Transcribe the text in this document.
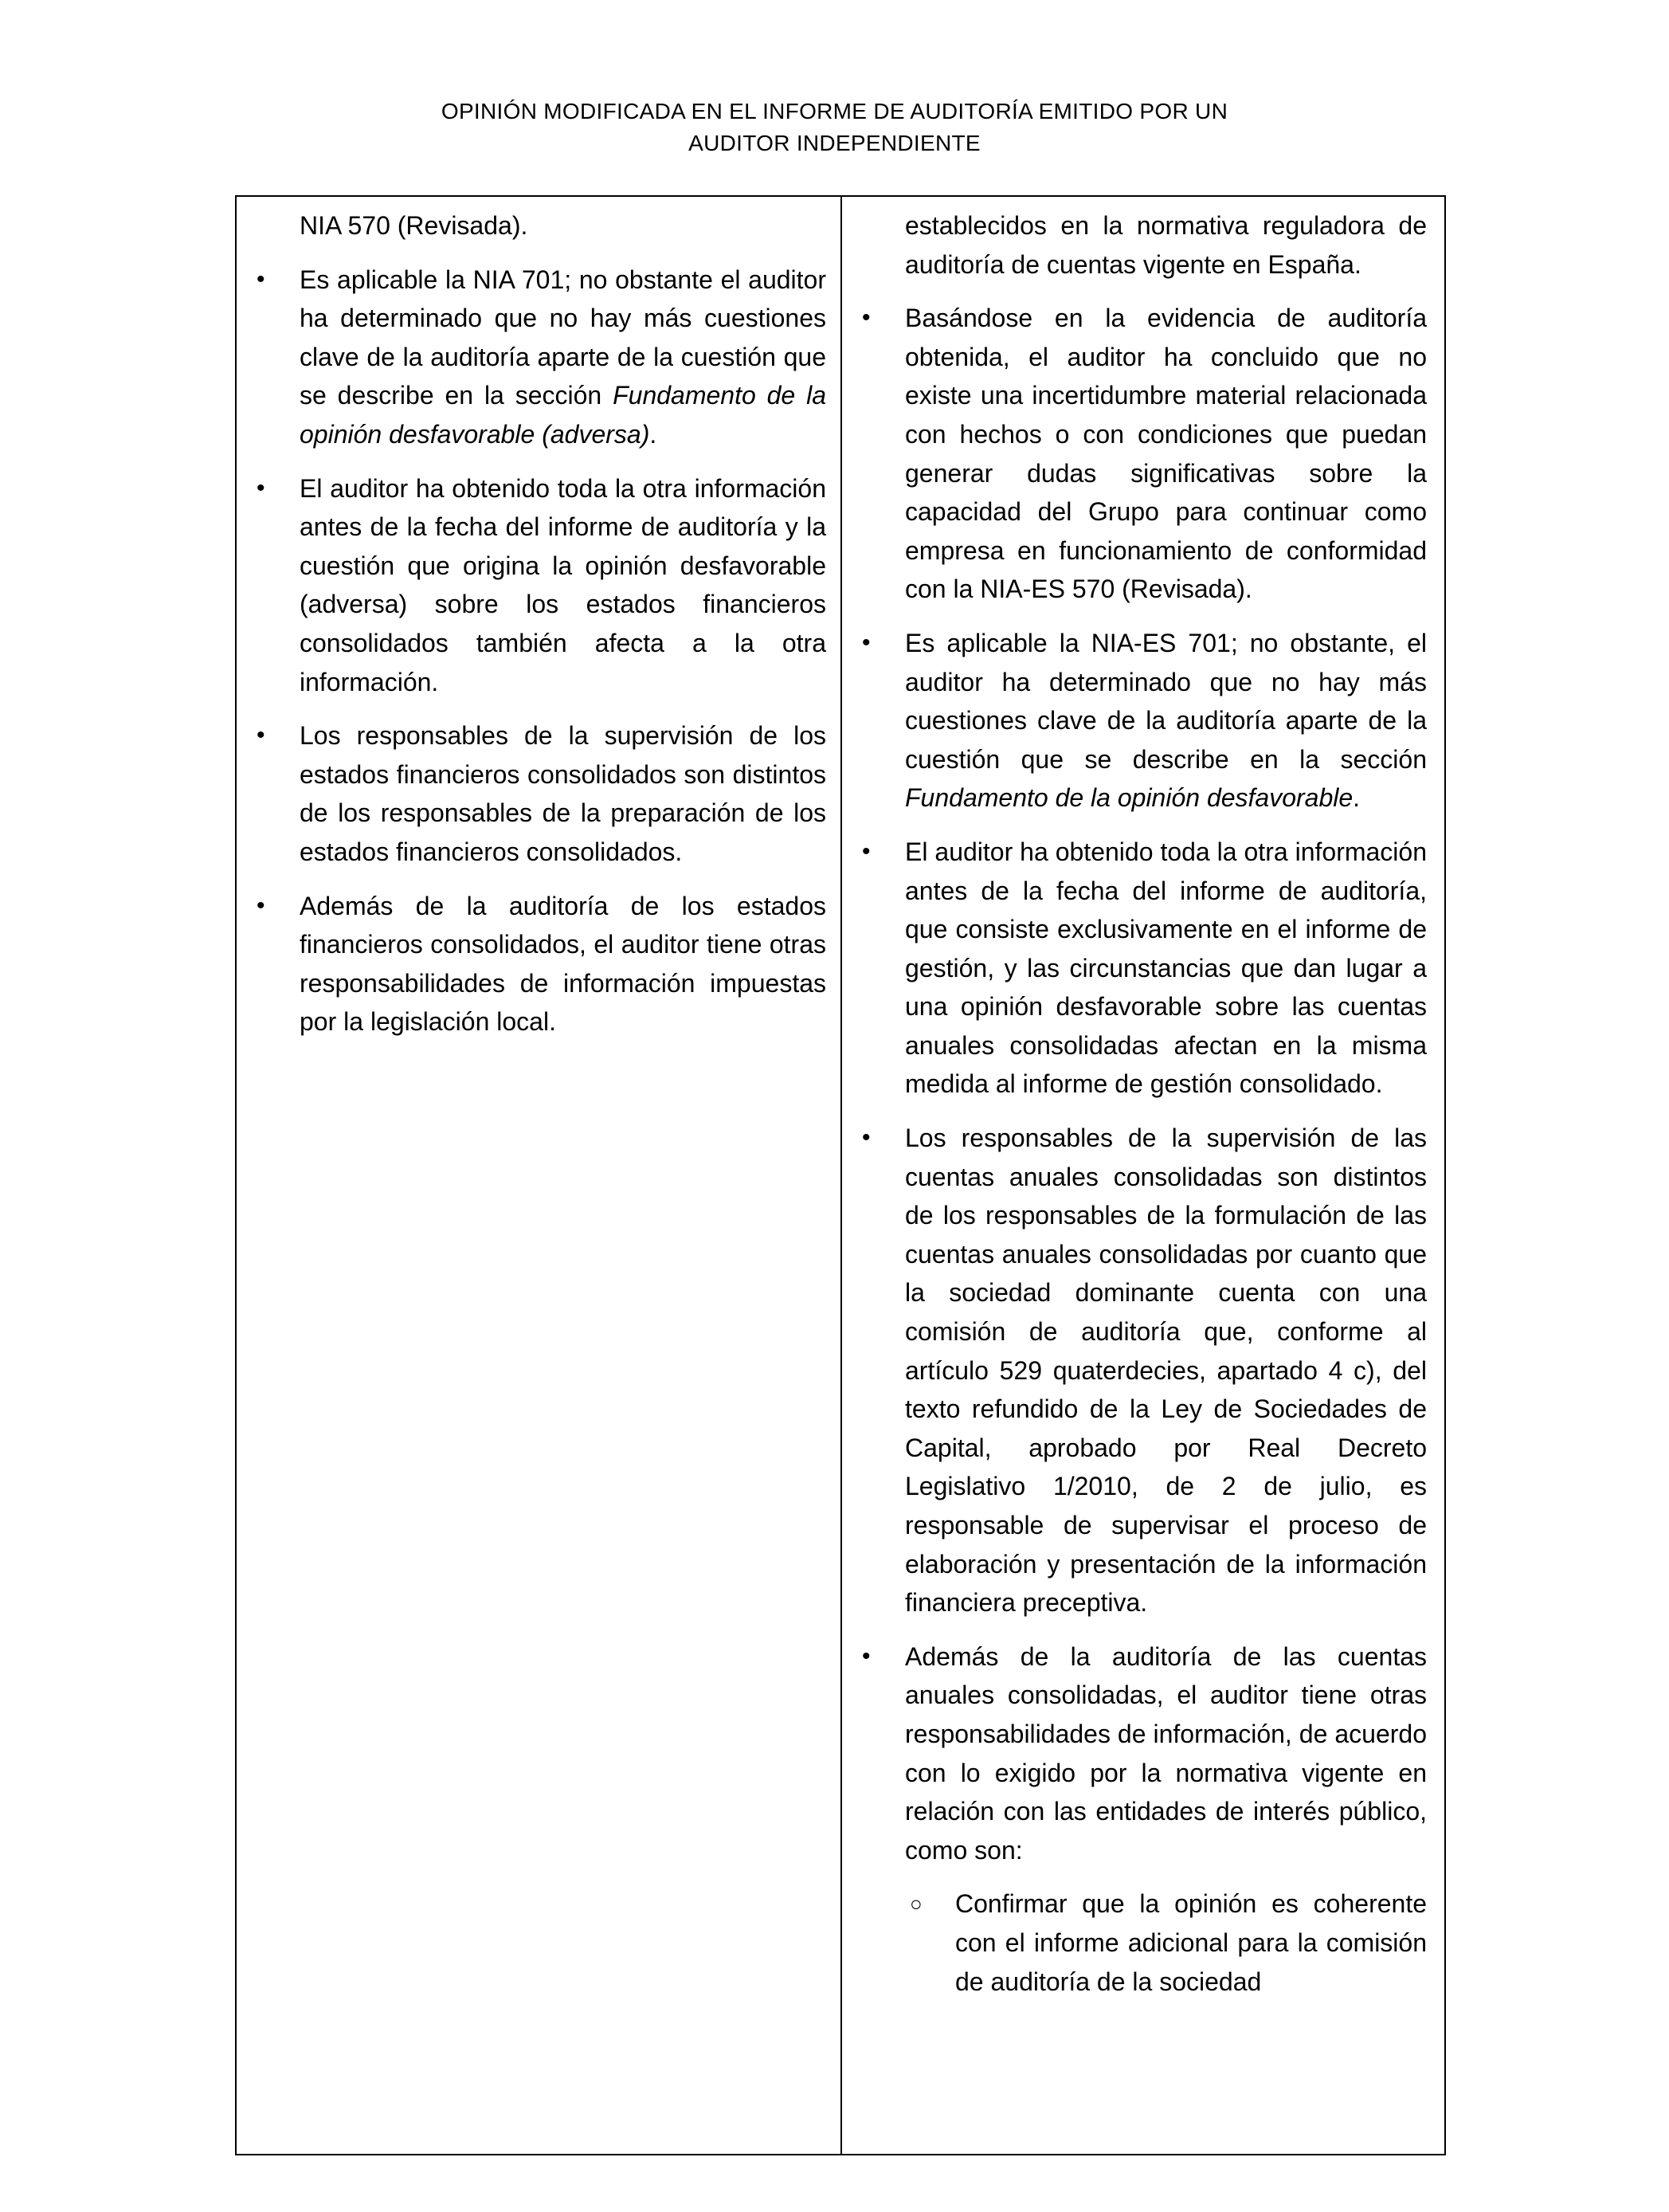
OPINIÓN MODIFICADA EN EL INFORME DE AUDITORÍA EMITIDO POR UN
AUDITOR INDEPENDIENTE

NIA 570 (Revisada).

• Es aplicable la NIA 701; no obstante el auditor ha determinado que no hay más cuestiones clave de la auditoría aparte de la cuestión que se describe en la sección Fundamento de la opinión desfavorable (adversa).
• El auditor ha obtenido toda la otra información antes de la fecha del informe de auditoría y la cuestión que origina la opinión desfavorable (adversa) sobre los estados financieros consolidados también afecta a la otra información.
• Los responsables de la supervisión de los estados financieros consolidados son distintos de los responsables de la preparación de los estados financieros consolidados.
• Además de la auditoría de los estados financieros consolidados, el auditor tiene otras responsabilidades de información impuestas por la legislación local.

establecidos en la normativa reguladora de auditoría de cuentas vigente en España.

• Basándose en la evidencia de auditoría obtenida, el auditor ha concluido que no existe una incertidumbre material relacionada con hechos o con condiciones que puedan generar dudas significativas sobre la capacidad del Grupo para continuar como empresa en funcionamiento de conformidad con la NIA-ES 570 (Revisada).
• Es aplicable la NIA-ES 701; no obstante, el auditor ha determinado que no hay más cuestiones clave de la auditoría aparte de la cuestión que se describe en la sección Fundamento de la opinión desfavorable.
• El auditor ha obtenido toda la otra información antes de la fecha del informe de auditoría, que consiste exclusivamente en el informe de gestión, y las circunstancias que dan lugar a una opinión desfavorable sobre las cuentas anuales consolidadas afectan en la misma medida al informe de gestión consolidado.
• Los responsables de la supervisión de las cuentas anuales consolidadas son distintos de los responsables de la formulación de las cuentas anuales consolidadas por cuanto que la sociedad dominante cuenta con una comisión de auditoría que, conforme al artículo 529 quaterdecies, apartado 4 c), del texto refundido de la Ley de Sociedades de Capital, aprobado por Real Decreto Legislativo 1/2010, de 2 de julio, es responsable de supervisar el proceso de elaboración y presentación de la información financiera preceptiva.
• Además de la auditoría de las cuentas anuales consolidadas, el auditor tiene otras responsabilidades de información, de acuerdo con lo exigido por la normativa vigente en relación con las entidades de interés público, como son:
○ Confirmar que la opinión es coherente con el informe adicional para la comisión de auditoría de la sociedad
